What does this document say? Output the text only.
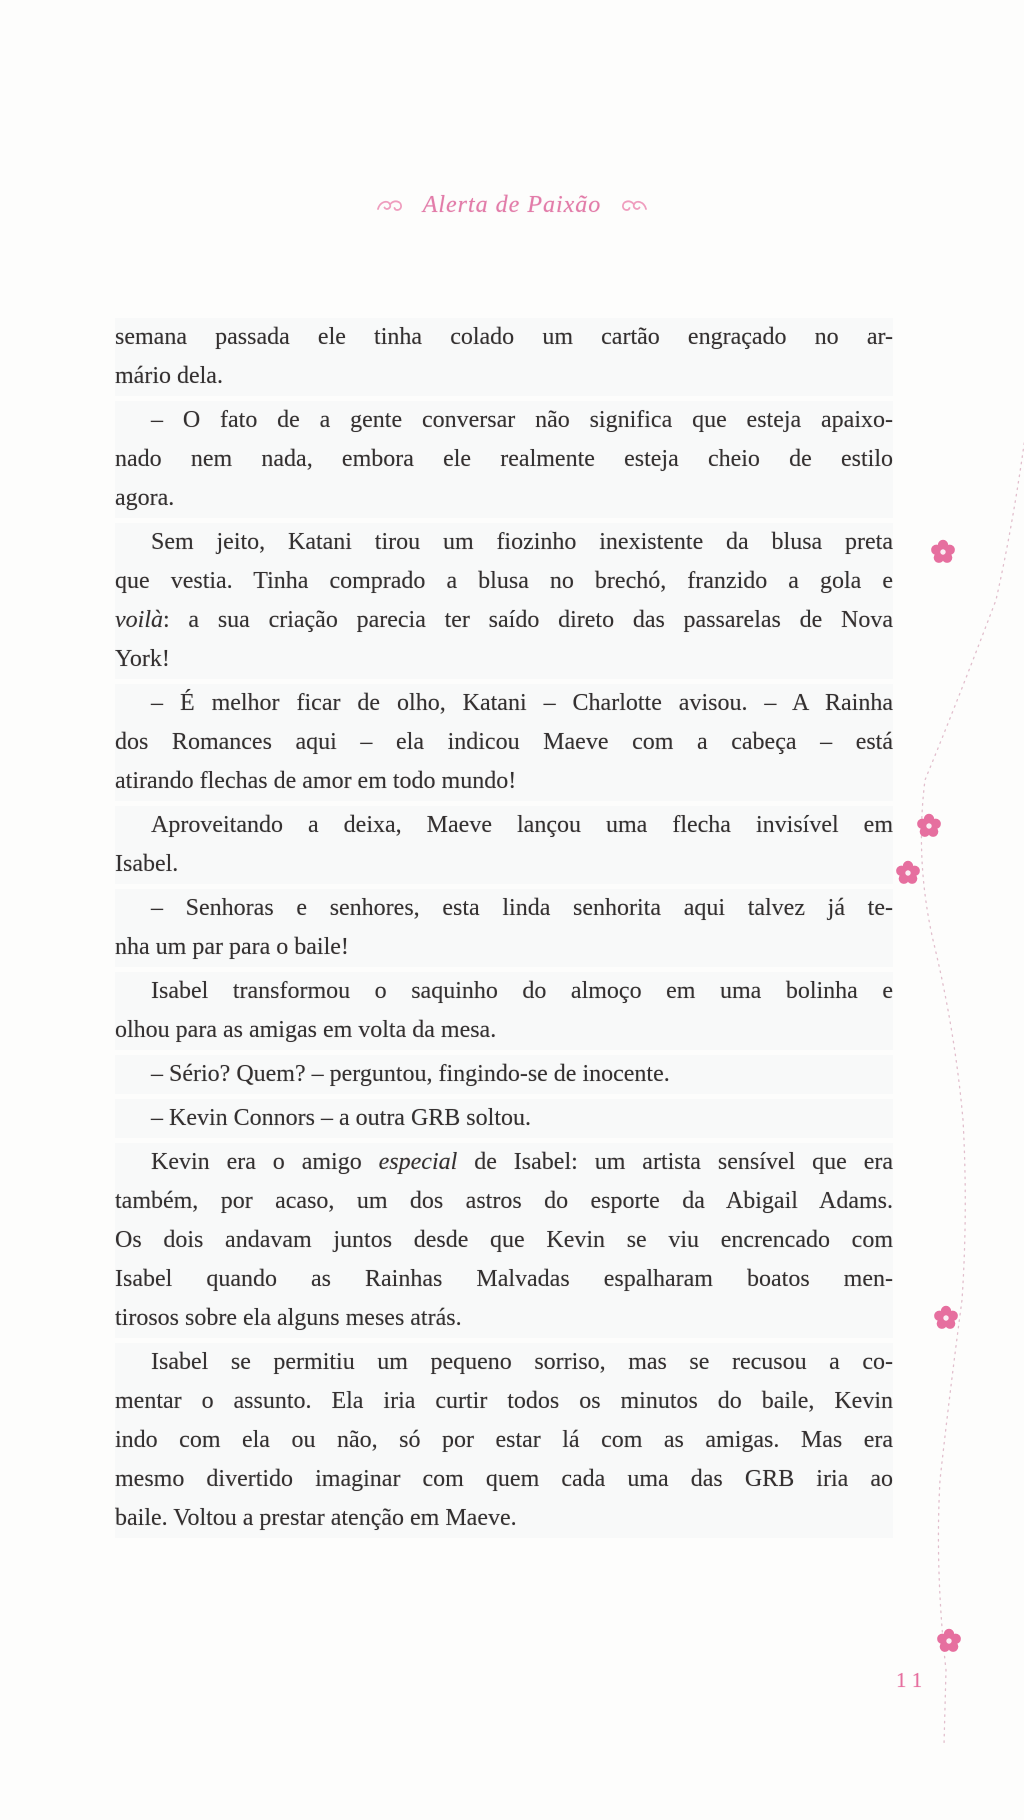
Alerta de Paixão
semana passada ele tinha colado um cartão engraçado no ar-
mário dela.
– O fato de a gente conversar não significa que esteja apaixo-
nado nem nada, embora ele realmente esteja cheio de estilo
agora.
Sem jeito, Katani tirou um fiozinho inexistente da blusa preta
que vestia. Tinha comprado a blusa no brechó, franzido a gola e
voilà: a sua criação parecia ter saído direto das passarelas de Nova
York!
– É melhor ficar de olho, Katani – Charlotte avisou. – A Rainha
dos Romances aqui – ela indicou Maeve com a cabeça – está
atirando flechas de amor em todo mundo!
Aproveitando a deixa, Maeve lançou uma flecha invisível em
Isabel.
– Senhoras e senhores, esta linda senhorita aqui talvez já te-
nha um par para o baile!
Isabel transformou o saquinho do almoço em uma bolinha e
olhou para as amigas em volta da mesa.
– Sério? Quem? – perguntou, fingindo-se de inocente.
– Kevin Connors – a outra GRB soltou.
Kevin era o amigo especial de Isabel: um artista sensível que era
também, por acaso, um dos astros do esporte da Abigail Adams.
Os dois andavam juntos desde que Kevin se viu encrencado com
Isabel quando as Rainhas Malvadas espalharam boatos men-
tirosos sobre ela alguns meses atrás.
Isabel se permitiu um pequeno sorriso, mas se recusou a co-
mentar o assunto. Ela iria curtir todos os minutos do baile, Kevin
indo com ela ou não, só por estar lá com as amigas. Mas era
mesmo divertido imaginar com quem cada uma das GRB iria ao
baile. Voltou a prestar atenção em Maeve.
11
